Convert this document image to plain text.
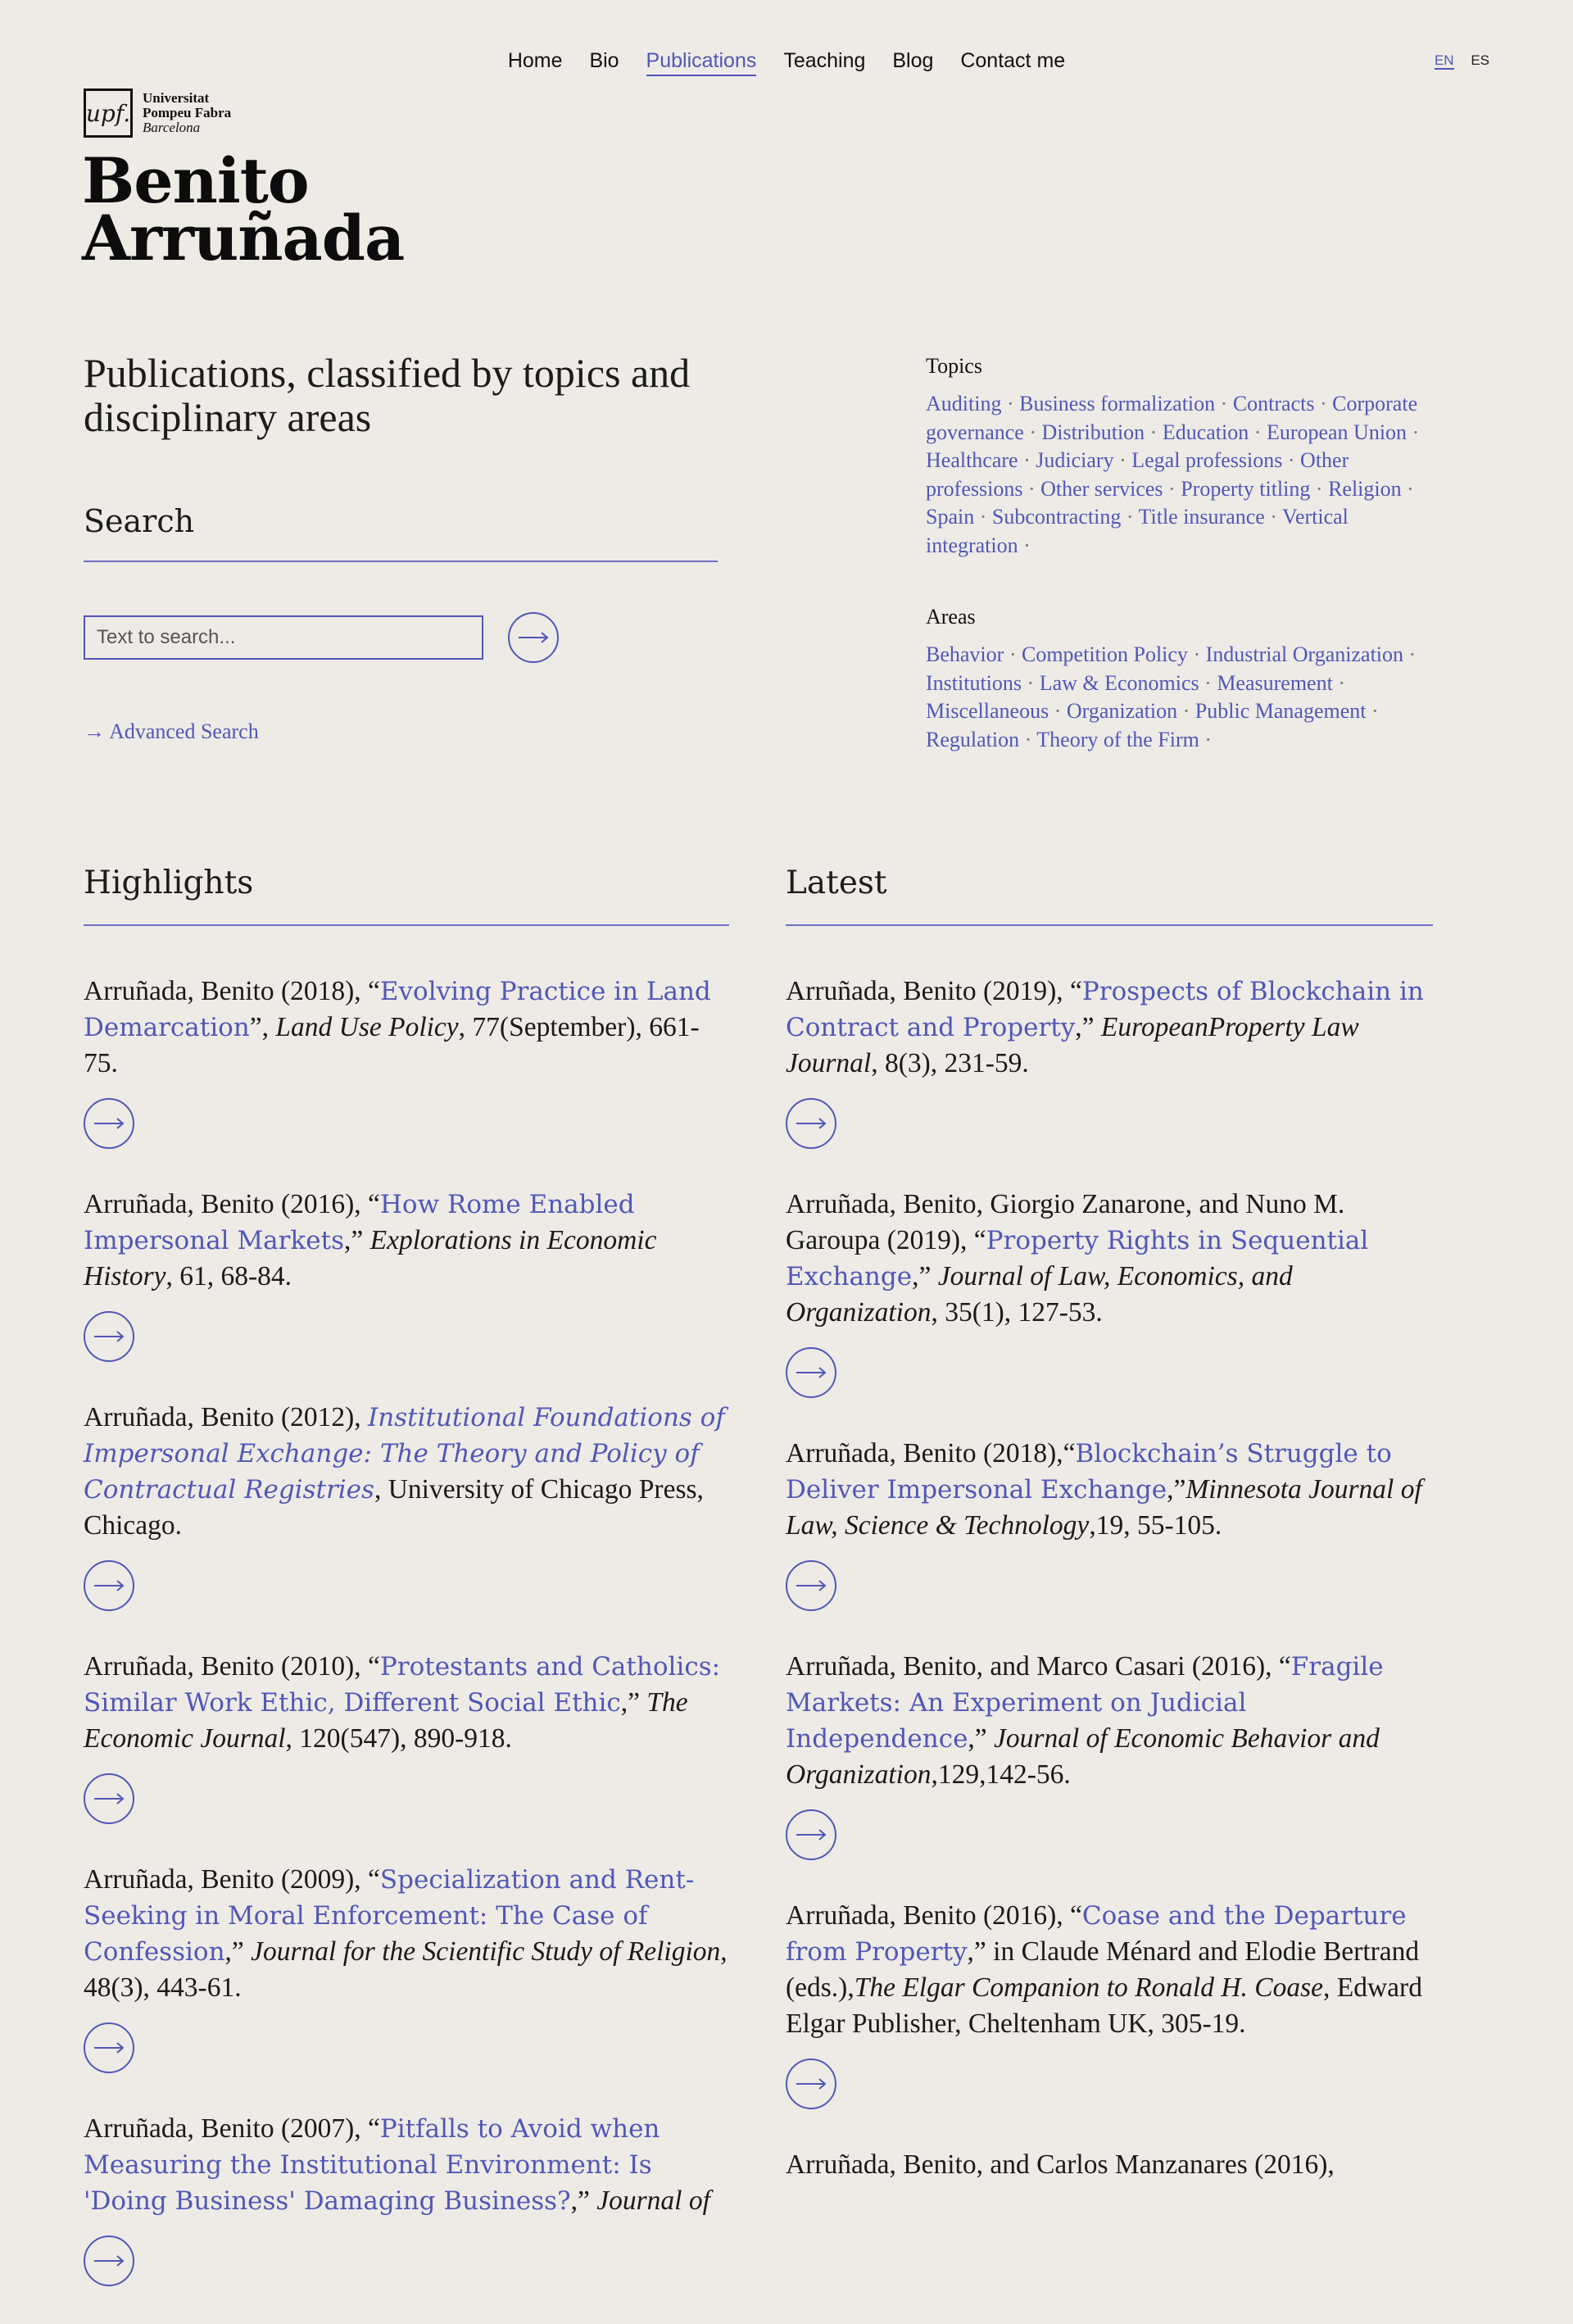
Home Bio Publications Teaching Blog Contact me	EN ES
upf.
Universitat
Pompeu Fabra
Barcelona
Benito
Arruñada
Publications, classified by topics and disciplinary areas
Search
Text to search...
→ Advanced Search
Topics
Auditing · Business formalization · Contracts · Corporate governance · Distribution · Education · European Union · Healthcare · Judiciary · Legal professions · Other professions · Other services · Property titling · Religion · Spain · Subcontracting · Title insurance · Vertical integration ·
Areas
Behavior · Competition Policy · Industrial Organization · Institutions · Law & Economics · Measurement · Miscellaneous · Organization · Public Management · Regulation · Theory of the Firm ·
Highlights
Arruñada, Benito (2018), “Evolving Practice in Land Demarcation”, Land Use Policy, 77(September), 661-75.
Arruñada, Benito (2016), “How Rome Enabled Impersonal Markets,” Explorations in Economic History, 61, 68-84.
Arruñada, Benito (2012), Institutional Foundations of Impersonal Exchange: The Theory and Policy of Contractual Registries, University of Chicago Press, Chicago.
Arruñada, Benito (2010), “Protestants and Catholics: Similar Work Ethic, Different Social Ethic,” The Economic Journal, 120(547), 890-918.
Arruñada, Benito (2009), “Specialization and Rent-Seeking in Moral Enforcement: The Case of Confession,” Journal for the Scientific Study of Religion, 48(3), 443-61.
Arruñada, Benito (2007), “Pitfalls to Avoid when Measuring the Institutional Environment: Is 'Doing Business' Damaging Business?,” Journal of
Latest
Arruñada, Benito (2019), “Prospects of Blockchain in Contract and Property,” EuropeanProperty Law Journal, 8(3), 231-59.
Arruñada, Benito, Giorgio Zanarone, and Nuno M. Garoupa (2019), “Property Rights in Sequential Exchange,” Journal of Law, Economics, and Organization, 35(1), 127-53.
Arruñada, Benito (2018),“Blockchain’s Struggle to Deliver Impersonal Exchange,”Minnesota Journal of Law, Science & Technology,19, 55-105.
Arruñada, Benito, and Marco Casari (2016), “Fragile Markets: An Experiment on Judicial Independence,” Journal of Economic Behavior and Organization,129,142-56.
Arruñada, Benito (2016), “Coase and the Departure from Property,” in Claude Ménard and Elodie Bertrand (eds.),The Elgar Companion to Ronald H. Coase, Edward Elgar Publisher, Cheltenham UK, 305-19.
Arruñada, Benito, and Carlos Manzanares (2016),
